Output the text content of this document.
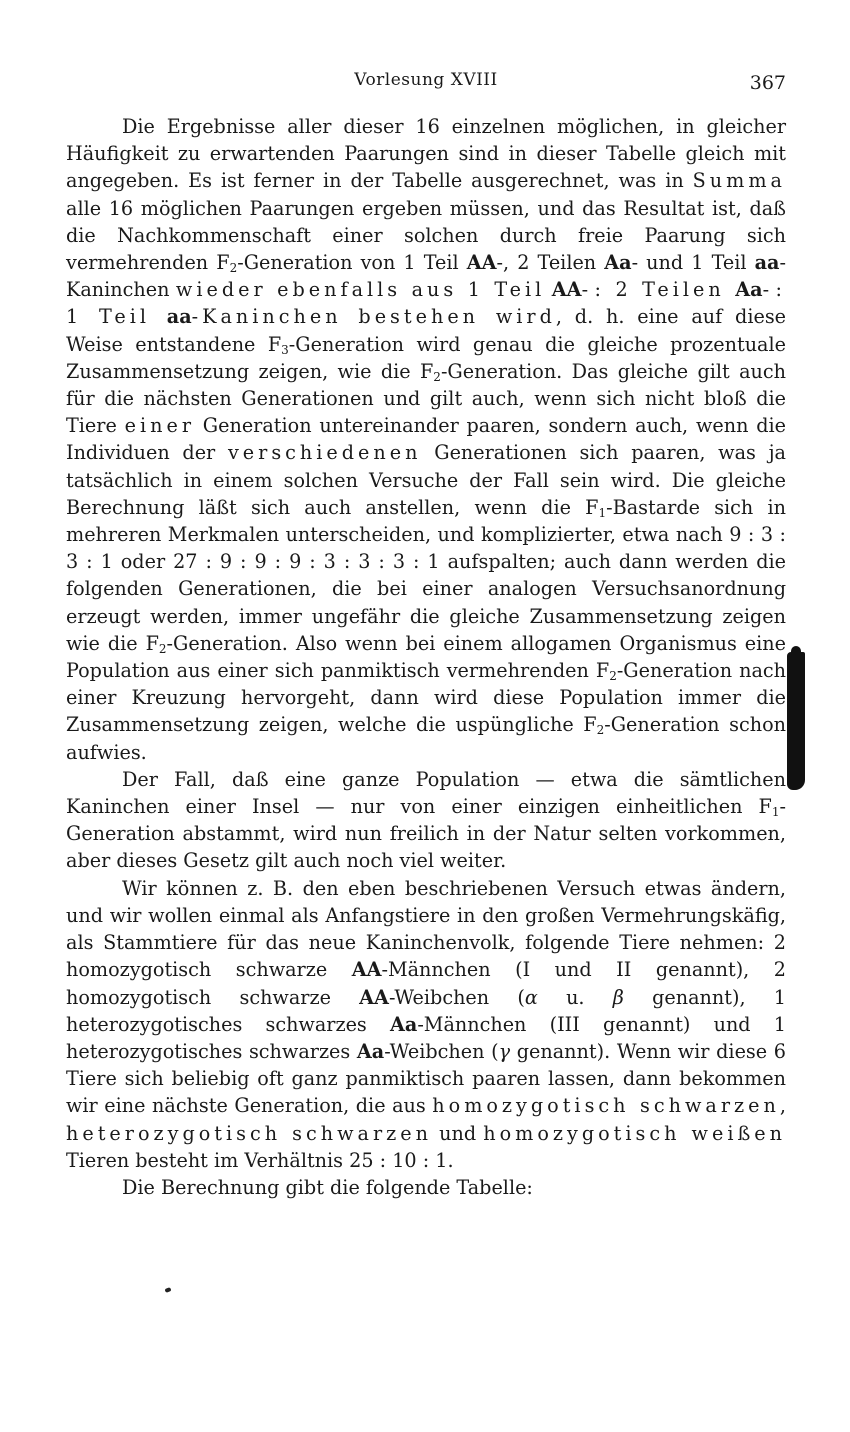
Vorlesung XVIII	367

Die Ergebnisse aller dieser 16 einzelnen möglichen, in gleicher Häufigkeit zu erwartenden Paarungen sind in dieser Tabelle gleich mit angegeben. Es ist ferner in der Tabelle ausgerechnet, was in Summa alle 16 möglichen Paarungen ergeben müssen, und das Resultat ist, daß die Nachkommenschaft einer solchen durch freie Paarung sich vermehrenden $F_2$-Generation von 1 Teil AA-, 2 Teilen Aa- und 1 Teil aa-Kaninchen wieder ebenfalls aus 1 Teil AA- : 2 Teilen Aa- : 1 Teil aa-Kaninchen bestehen wird, d. h. eine auf diese Weise entstandene $F_3$-Generation wird genau die gleiche prozentuale Zusammensetzung zeigen, wie die $F_2$-Generation. Das gleiche gilt auch für die nächsten Generationen und gilt auch, wenn sich nicht bloß die Tiere einer Generation untereinander paaren, sondern auch, wenn die Individuen der verschiedenen Generationen sich paaren, was ja tatsächlich in einem solchen Versuche der Fall sein wird. Die gleiche Berechnung läßt sich auch anstellen, wenn die $F_1$-Bastarde sich in mehreren Merkmalen unterscheiden, und komplizierter, etwa nach 9 : 3 : 3 : 1 oder 27 : 9 : 9 : 9 : 3 : 3 : 3 : 1 aufspalten; auch dann werden die folgenden Generationen, die bei einer analogen Versuchsanordnung erzeugt werden, immer ungefähr die gleiche Zusammensetzung zeigen wie die $F_2$-Generation. Also wenn bei einem allogamen Organismus eine Population aus einer sich panmiktisch vermehrenden $F_2$-Generation nach einer Kreuzung hervorgeht, dann wird diese Population immer die Zusammensetzung zeigen, welche die uspüngliche $F_2$-Generation schon aufwies.

Der Fall, daß eine ganze Population — etwa die sämtlichen Kaninchen einer Insel — nur von einer einzigen einheitlichen $F_1$-Generation abstammt, wird nun freilich in der Natur selten vorkommen, aber dieses Gesetz gilt auch noch viel weiter.

Wir können z. B. den eben beschriebenen Versuch etwas ändern, und wir wollen einmal als Anfangstiere in den großen Vermehrungskäfig, als Stammtiere für das neue Kaninchenvolk, folgende Tiere nehmen: 2 homozygotisch schwarze AA-Männchen (I und II genannt), 2 homozygotisch schwarze AA-Weibchen (α u. β genannt), 1 heterozygotisches schwarzes Aa-Männchen (III genannt) und 1 heterozygotisches schwarzes Aa-Weibchen (γ genannt). Wenn wir diese 6 Tiere sich beliebig oft ganz panmiktisch paaren lassen, dann bekommen wir eine nächste Generation, die aus homozygotisch schwarzen, heterozygotisch schwarzen und homozygotisch weißen Tieren besteht im Verhältnis 25 : 10 : 1.

Die Berechnung gibt die folgende Tabelle:
